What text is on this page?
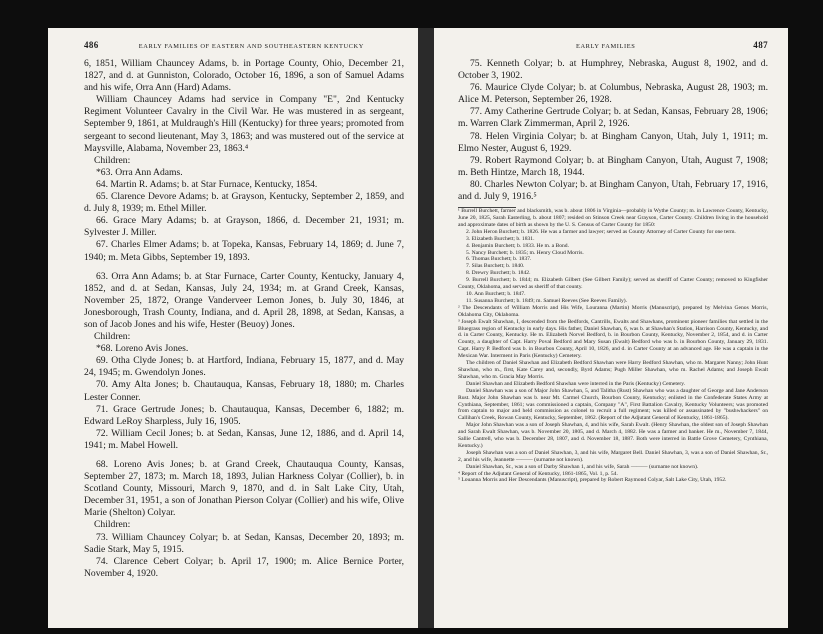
486	EARLY FAMILIES OF EASTERN AND SOUTHEASTERN KENTUCKY

6, 1851, William Chauncey Adams, b. in Portage County, Ohio, December 21, 1827, and d. at Gunniston, Colorado, October 16, 1896, a son of Samuel Adams and his wife, Orra Ann (Hard) Adams.

William Chauncey Adams had service in Company "E", 2nd Kentucky Regiment Volunteer Cavalry in the Civil War. He was mustered in as sergeant, September 9, 1861, at Muldraugh's Hill (Kentucky) for three years; promoted from sergeant to second lieutenant, May 3, 1863; and was mustered out of the service at Maysville, Alabama, November 23, 1863.⁴

Children:

*63. Orra Ann Adams.

64. Martin R. Adams; b. at Star Furnace, Kentucky, 1854.

65. Clarence Devore Adams; b. at Grayson, Kentucky, September 2, 1859, and d. July 8, 1939; m. Ethel Miller.

66. Grace Mary Adams; b. at Grayson, 1866, d. December 21, 1931; m. Sylvester J. Miller.

67. Charles Elmer Adams; b. at Topeka, Kansas, February 14, 1869; d. June 7, 1940; m. Meta Gibbs, September 19, 1893.

63. Orra Ann Adams; b. at Star Furnace, Carter County, Kentucky, January 4, 1852, and d. at Sedan, Kansas, July 24, 1934; m. at Grand Creek, Kansas, November 25, 1872, Orange Vanderveer Lemon Jones, b. July 30, 1846, at Jonesborough, Trash County, Indiana, and d. April 28, 1898, at Sedan, Kansas, a son of Jacob Jones and his wife, Hester (Beuoy) Jones.

Children:

*68. Loreno Avis Jones.

69. Otha Clyde Jones; b. at Hartford, Indiana, February 15, 1877, and d. May 24, 1945; m. Gwendolyn Jones.

70. Amy Alta Jones; b. Chautauqua, Kansas, February 18, 1880; m. Charles Lester Conner.

71. Grace Gertrude Jones; b. Chautauqua, Kansas, December 6, 1882; m. Edward LeRoy Sharpless, July 16, 1905.

72. William Cecil Jones; b. at Sedan, Kansas, June 12, 1886, and d. April 14, 1941; m. Mabel Howell.

68. Loreno Avis Jones; b. at Grand Creek, Chautauqua County, Kansas, September 27, 1873; m. March 18, 1893, Julian Harkness Colyar (Collier), b. in Scotland County, Missouri, March 9, 1870, and d. in Salt Lake City, Utah, December 31, 1951, a son of Jonathan Pierson Colyar (Collier) and his wife, Olive Marie (Shelton) Colyar.

Children:

73. William Chauncey Colyar; b. at Sedan, Kansas, December 20, 1893; m. Sadie Stark, May 5, 1915.

74. Clarence Cebert Colyar; b. April 17, 1900; m. Alice Bernice Porter, November 4, 1920.

EARLY FAMILIES	487

75. Kenneth Colyar; b. at Humphrey, Nebraska, August 8, 1902, and d. October 3, 1902.

76. Maurice Clyde Colyar; b. at Columbus, Nebraska, August 28, 1903; m. Alice M. Peterson, September 26, 1928.

77. Amy Catherine Gertrude Colyar; b. at Sedan, Kansas, February 28, 1906; m. Warren Clark Zimmerman, April 2, 1926.

78. Helen Virginia Colyar; b. at Bingham Canyon, Utah, July 1, 1911; m. Elmo Nester, August 6, 1929.

79. Robert Raymond Colyar; b. at Bingham Canyon, Utah, August 7, 1908; m. Beth Hintze, March 18, 1944.

80. Charles Newton Colyar; b. at Bingham Canyon, Utah, February 17, 1916, and d. July 9, 1916.⁵

¹ Burrell Burchett, farmer and blacksmith, was b. about 1806 in Virginia—probably in Wythe County; m. in Lawrence County, Kentucky, June 20, 1825, Sarah Easterling, b. about 1807; resided on Stinson Creek near Grayson, Carter County. Children living in the household and approximate dates of birth as shown by the U. S. Census of Carter County for 1850:

2. John Heron Burchett; b. 1826. He was a farmer and lawyer; served as County Attorney of Carter County for one term.

3. Elizabeth Burchett; b. 1831.

4. Benjamin Burchett; b. 1833. He m. a Bond.

5. Nancy Burchett; b. 1835; m. Henry Cloud Morris.

6. Thomas Burchett; b. 1837.

7. Silas Burchett; b. 1840.

8. Drewry Burchett; b. 1842.

9. Burrell Burchett; b. 1844; m. Elizabeth Gilbert (See Gilbert Family); served as sheriff of Carter County; removed to Kingfisher County, Oklahoma, and served as sheriff of that county.

10. Ann Burchett; b. 1847.

11. Susanna Burchett; b. 1849; m. Samuel Reeves (See Reeves Family).

² The Descendants of William Morris and His Wife, Louranna (Martin) Morris (Manuscript), prepared by Melvina Genos Morris, Oklahoma City, Oklahoma.

³ Joseph Ewalt Shawhan, I, descended from the Bedfords, Cantrills, Ewalts and Shawhans, prominent pioneer families that settled in the Bluegrass region of Kentucky in early days. His father, Daniel Shawhan, 6, was b. at Shawhan's Station, Harrison County, Kentucky, and d. in Carter County, Kentucky. He m. Elizabeth Norvel Bedford, b. in Bourbon County, Kentucky, November 2, 1854, and d. in Carter County, a daughter of Capt. Harry Poval Bedford and Mary Susan (Ewalt) Bedford who was b. in Bourbon County, January 29, 1831. Capt. Harry P. Bedford was b. in Bourbon County, April 10, 1826, and d. in Carter County at an advanced age. He was a captain in the Mexican War. Interment in Paris (Kentucky) Cemetery.

The children of Daniel Shawhan and Elizabeth Bedford Shawhan were Harry Bedford Shawhan, who m. Margaret Nanny; John Hunt Shawhan, who m., first, Kate Carey and, secondly, Byrd Adams; Pugh Miller Shawhan, who m. Rachel Adams; and Joseph Ewalt Shawhan, who m. Gracia May Morris.

Daniel Shawhan and Elizabeth Bedford Shawhan were interred in the Paris (Kentucky) Cemetery.

Daniel Shawhan was a son of Major John Shawhan, 5, and Talitha (Rust) Shawhan who was a daughter of George and Jane Anderson Rust. Major John Shawhan was b. near Mt. Carmel Church, Bourbon County, Kentucky; enlisted in the Confederate States Army at Cynthiana, September, 1861; was commissioned a captain, Company "A", First Battalion Cavalry, Kentucky Volunteers; was promoted from captain to major and held commission as colonel to recruit a full regiment; was killed or assassinated by "bushwhackers" on Callihan's Creek, Rowan County, Kentucky, September, 1862. (Report of the Adjutant General of Kentucky, 1861-1865).

Major John Shawhan was a son of Joseph Shawhan, 4, and his wife, Sarah Ewalt. (Henry Shawhan, the oldest son of Joseph Shawhan and Sarah Ewalt Shawhan, was b. November 20, 1805, and d. March 4, 1882. He was a farmer and banker. He m., November 7, 1844, Sallie Cantrell, who was b. December 28, 1807, and d. November 18, 1887. Both were interred in Battle Grove Cemetery, Cynthiana, Kentucky.)

Joseph Shawhan was a son of Daniel Shawhan, 3, and his wife, Margaret Bell. Daniel Shawhan, 3, was a son of Daniel Shawhan, Sr., 2, and his wife, Jeannette ——— (surname not known).

Daniel Shawhan, Sr., was a son of Darby Shawhan 1, and his wife, Sarah ——— (surname not known).

⁴ Report of the Adjutant General of Kentucky, 1861-1865, Vol. 1, p. 54.

⁵ Louanna Morris and Her Descendants (Manuscript), prepared by Robert Raymond Colyar, Salt Lake City, Utah, 1952.
